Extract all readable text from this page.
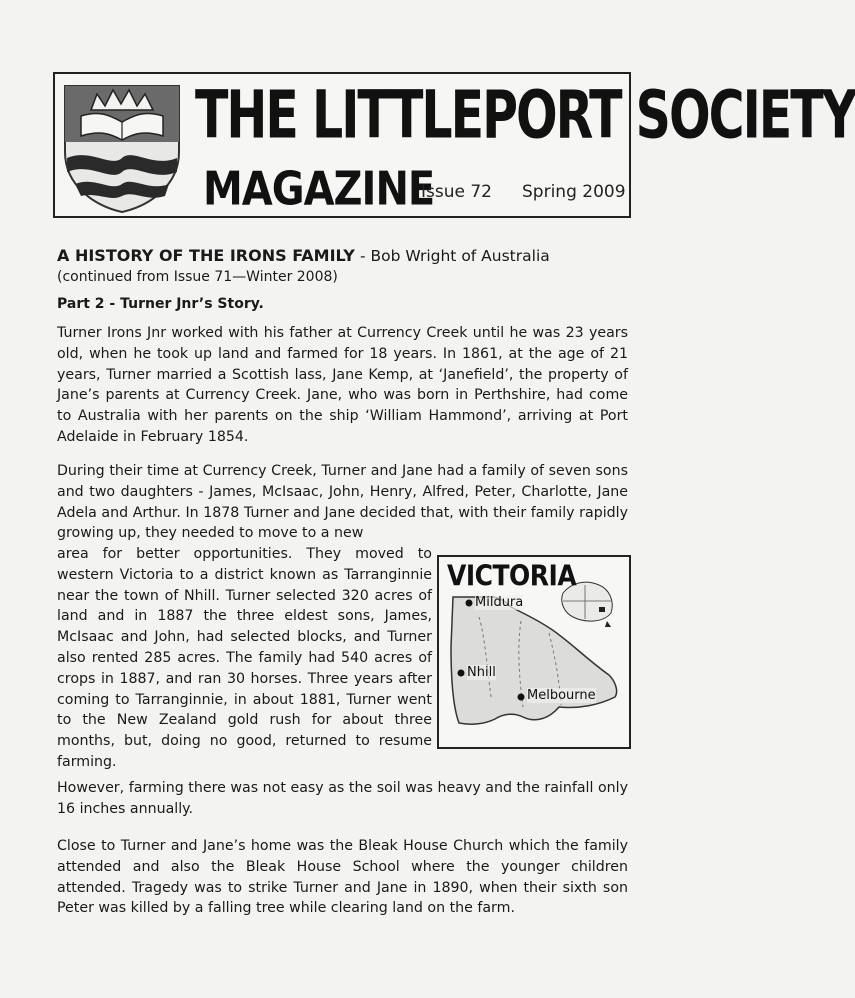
THE LITTLEPORT SOCIETY
MAGAZINE
Issue 72 Spring 2009
A HISTORY OF THE IRONS FAMILY - Bob Wright of Australia
(continued from Issue 71—Winter 2008)
Part 2 - Turner Jnr’s Story.

Turner Irons Jnr worked with his father at Currency Creek until he was 23 years old, when he took up land and farmed for 18 years. In 1861, at the age of 21 years, Turner married a Scottish lass, Jane Kemp, at ‘Janefield’, the property of Jane’s parents at Currency Creek. Jane, who was born in Perthshire, had come to Australia with her parents on the ship ‘William Hammond’, arriving at Port Adelaide in February 1854.

During their time at Currency Creek, Turner and Jane had a family of seven sons and two daughters - James, McIsaac, John, Henry, Alfred, Peter, Charlotte, Jane Adela and Arthur. In 1878 Turner and Jane decided that, with their family rapidly growing up, they needed to move to a new

area for better opportunities. They moved to western Victoria to a district known as Tarranginnie near the town of Nhill. Turner selected 320 acres of land and in 1887 the three eldest sons, James, McIsaac and John, had selected blocks, and Turner also rented 285 acres. The family had 540 acres of crops in 1887, and ran 30 horses. Three years after coming to Tarranginnie, in about 1881, Turner went to the New Zealand gold rush for about three months, but, doing no good, returned to resume farming.

VICTORIA
Mildura
Nhill
Melbourne

However, farming there was not easy as the soil was heavy and the rainfall only 16 inches annually.

Close to Turner and Jane’s home was the Bleak House Church which the family attended and also the Bleak House School where the younger children attended. Tragedy was to strike Turner and Jane in 1890, when their sixth son Peter was killed by a falling tree while clearing land on the farm.
